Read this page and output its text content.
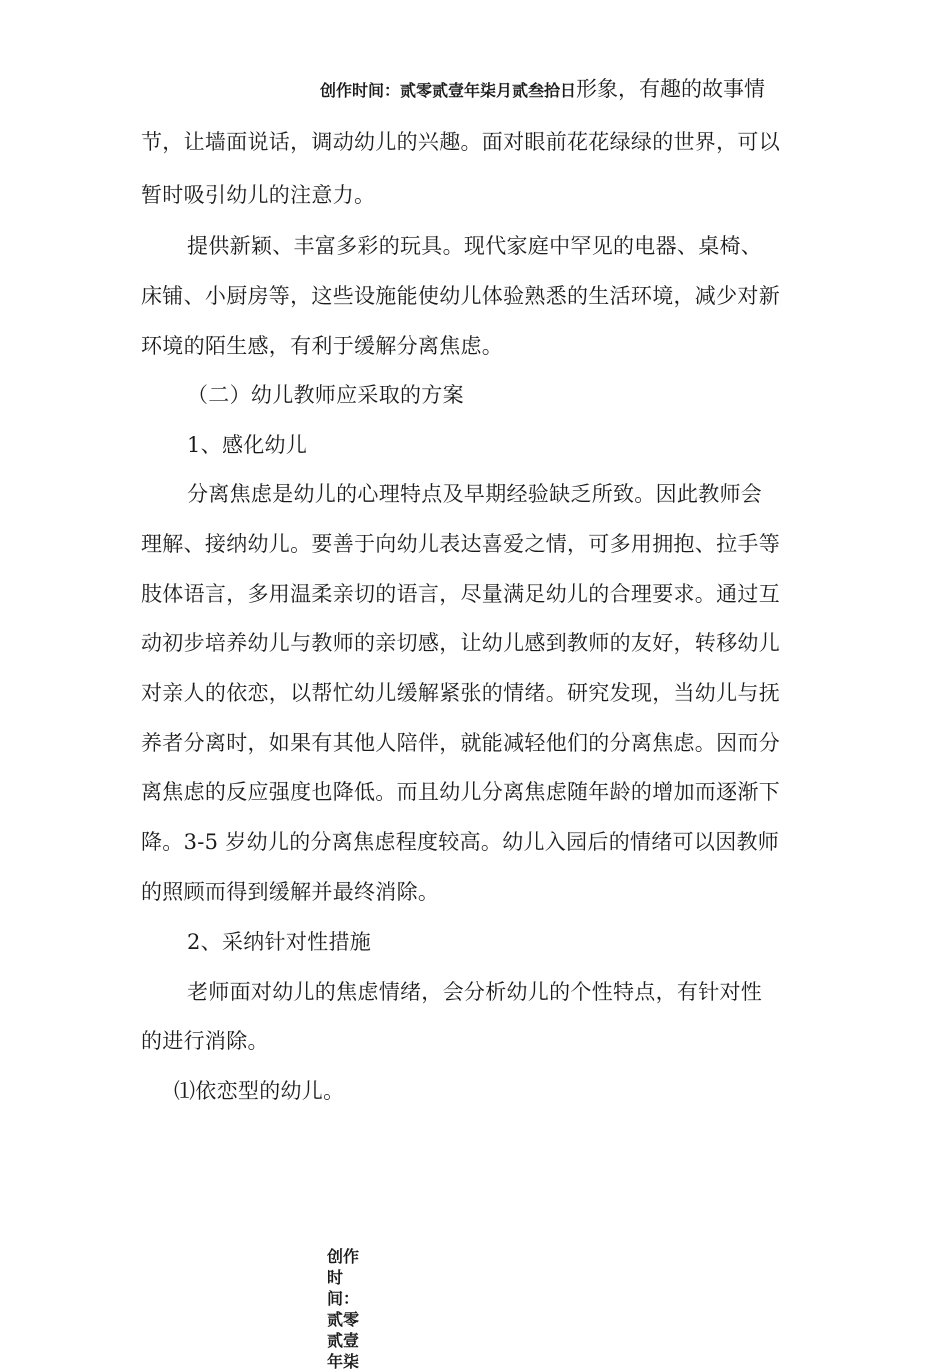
创作时间：贰零贰壹年柒月贰叁拾日形象，有趣的故事情
节，让墙面说话，调动幼儿的兴趣。面对眼前花花绿绿的世界，可以
暂时吸引幼儿的注意力。
提供新颖、丰富多彩的玩具。现代家庭中罕见的电器、桌椅、
床铺、小厨房等，这些设施能使幼儿体验熟悉的生活环境，减少对新
环境的陌生感，有利于缓解分离焦虑。
（二）幼儿教师应采取的方案
1、感化幼儿
分离焦虑是幼儿的心理特点及早期经验缺乏所致。因此教师会
理解、接纳幼儿。要善于向幼儿表达喜爱之情，可多用拥抱、拉手等
肢体语言，多用温柔亲切的语言，尽量满足幼儿的合理要求。通过互
动初步培养幼儿与教师的亲切感，让幼儿感到教师的友好，转移幼儿
对亲人的依恋，以帮忙幼儿缓解紧张的情绪。研究发现，当幼儿与抚
养者分离时，如果有其他人陪伴，就能减轻他们的分离焦虑。因而分
离焦虑的反应强度也降低。而且幼儿分离焦虑随年龄的增加而逐渐下
降。3-5 岁幼儿的分离焦虑程度较高。幼儿入园后的情绪可以因教师
的照顾而得到缓解并最终消除。
2、采纳针对性措施
老师面对幼儿的焦虑情绪，会分析幼儿的个性特点，有针对性
的进行消除。
⑴依恋型的幼儿。
创作时间：贰零贰壹年柒
